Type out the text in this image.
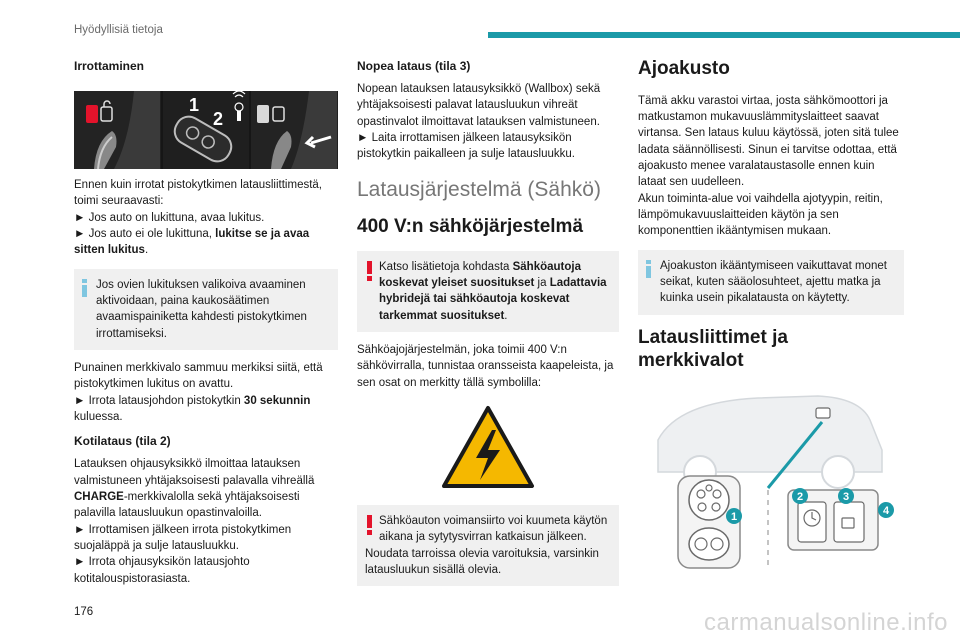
Hyödyllisiä tietoja
Irrottaminen
1
2

Ennen kuin irrotat pistokytkimen latausliittimestä, toimi seuraavasti:
► Jos auto on lukittuna, avaa lukitus.
► Jos auto ei ole lukittuna, lukitse se ja avaa sitten lukitus.

Jos ovien lukituksen valikoiva avaaminen aktivoidaan, paina kaukosäätimen avaamispainiketta kahdesti pistokytkimen irrottamiseksi.

Punainen merkkivalo sammuu merkiksi siitä, että pistokytkimen lukitus on avattu.
► Irrota latausjohdon pistokytkin 30 sekunnin kuluessa.

Kotilataus (tila 2)

Latauksen ohjausyksikkö ilmoittaa latauksen valmistuneen yhtäjaksoisesti palavalla vihreällä CHARGE-merkkivalolla sekä yhtäjaksoisesti palavilla latausluukun opastinvaloilla.
► Irrottamisen jälkeen irrota pistokytkimen suojaläppä ja sulje latausluukku.
► Irrota ohjausyksikön latausjohto kotitalouspistorasiasta.

Nopea lataus (tila 3)

Nopean latauksen latausyksikkö (Wallbox) sekä yhtäjaksoisesti palavat latausluukun vihreät opastinvalot ilmoittavat latauksen valmistuneen.
► Laita irrottamisen jälkeen latausyksikön pistokytkin paikalleen ja sulje latausluukku.

Latausjärjestelmä (Sähkö)
400 V:n sähköjärjestelmä
Katso lisätietoja kohdasta Sähköautoja koskevat yleiset suositukset ja Ladattavia hybridejä tai sähköautoja koskevat tarkemmat suositukset.

Sähköajojärjestelmän, joka toimii 400 V:n sähkövirralla, tunnistaa oransseista kaapeleista, ja sen osat on merkitty tällä symbolilla:

Sähköauton voimansiirto voi kuumeta käytön aikana ja sytytysvirran katkaisun jälkeen.
Noudata tarroissa olevia varoituksia, varsinkin latausluukun sisällä olevia.
Ajoakusto

Tämä akku varastoi virtaa, josta sähkömoottori ja matkustamon mukavuuslämmityslaitteet saavat virtansa. Sen lataus kuluu käytössä, joten sitä tulee ladata säännöllisesti. Sinun ei tarvitse odottaa, että ajoakusto menee varalataustasolle ennen kuin lataat sen uudelleen.

Akun toiminta-alue voi vaihdella ajotyypin, reitin, lämpömukavuuslaitteiden käytön ja sen komponenttien ikääntymisen mukaan.

Ajoakuston ikääntymiseen vaikuttavat monet seikat, kuten sääolosuhteet, ajettu matka ja kuinka usein pikalatausta on käytetty.
Latausliittimet ja merkkivalot
1
2	3
4
176	carmanualsonline.info
